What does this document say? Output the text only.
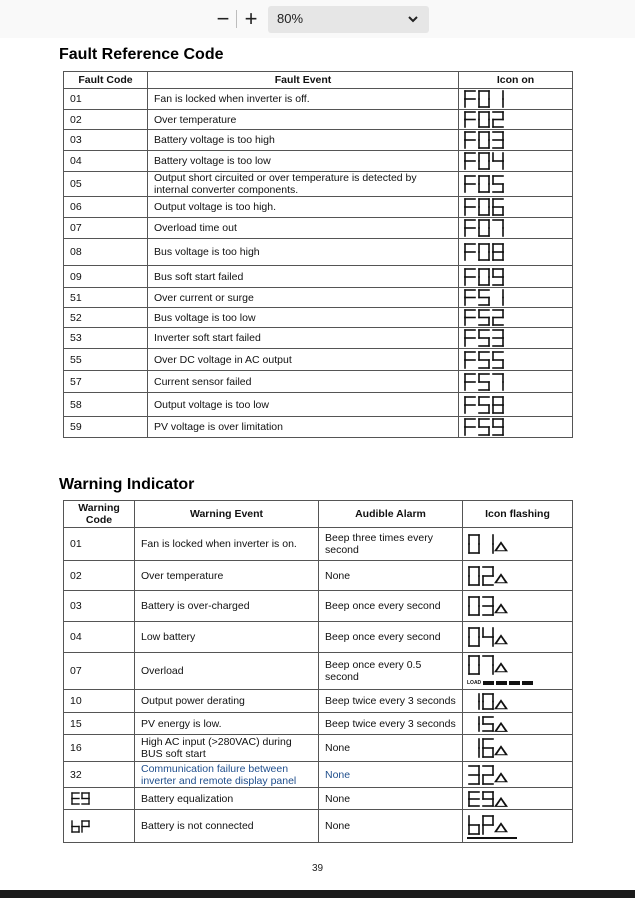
− +	80%
Fault Reference Code
Fault Code	Fault Event	Icon on
01	Fan is locked when inverter is off.	

02	Over temperature	

03	Battery voltage is too high	

04	Battery voltage is too low	

05	Output short circuited or over temperature is detected by internal converter components.	

06	Output voltage is too high.	

07	Overload time out	

08	Bus voltage is too high	

09	Bus soft start failed	

51	Over current or surge	

52	Bus voltage is too low	

53	Inverter soft start failed	

55	Over DC voltage in AC output	

57	Current sensor failed	

58	Output voltage is too low	

59	PV voltage is over limitation	
Warning Indicator
Warning Code	Warning Event	Audible Alarm	Icon flashing
01	Fan is locked when inverter is on.	Beep three times every second	

02	Over temperature	None	

03	Battery is over-charged	Beep once every second	

04	Low battery	Beep once every second	

07	Overload	Beep once every 0.5 second	LOAD

10	Output power derating	Beep twice every 3 seconds	

15	PV energy is low.	Beep twice every 3 seconds	

16	High AC input (>280VAC) during BUS soft start	None	

32	Communication failure between inverter and remote display panel	None	

	Battery equalization	None	

	Battery is not connected	None	
39
